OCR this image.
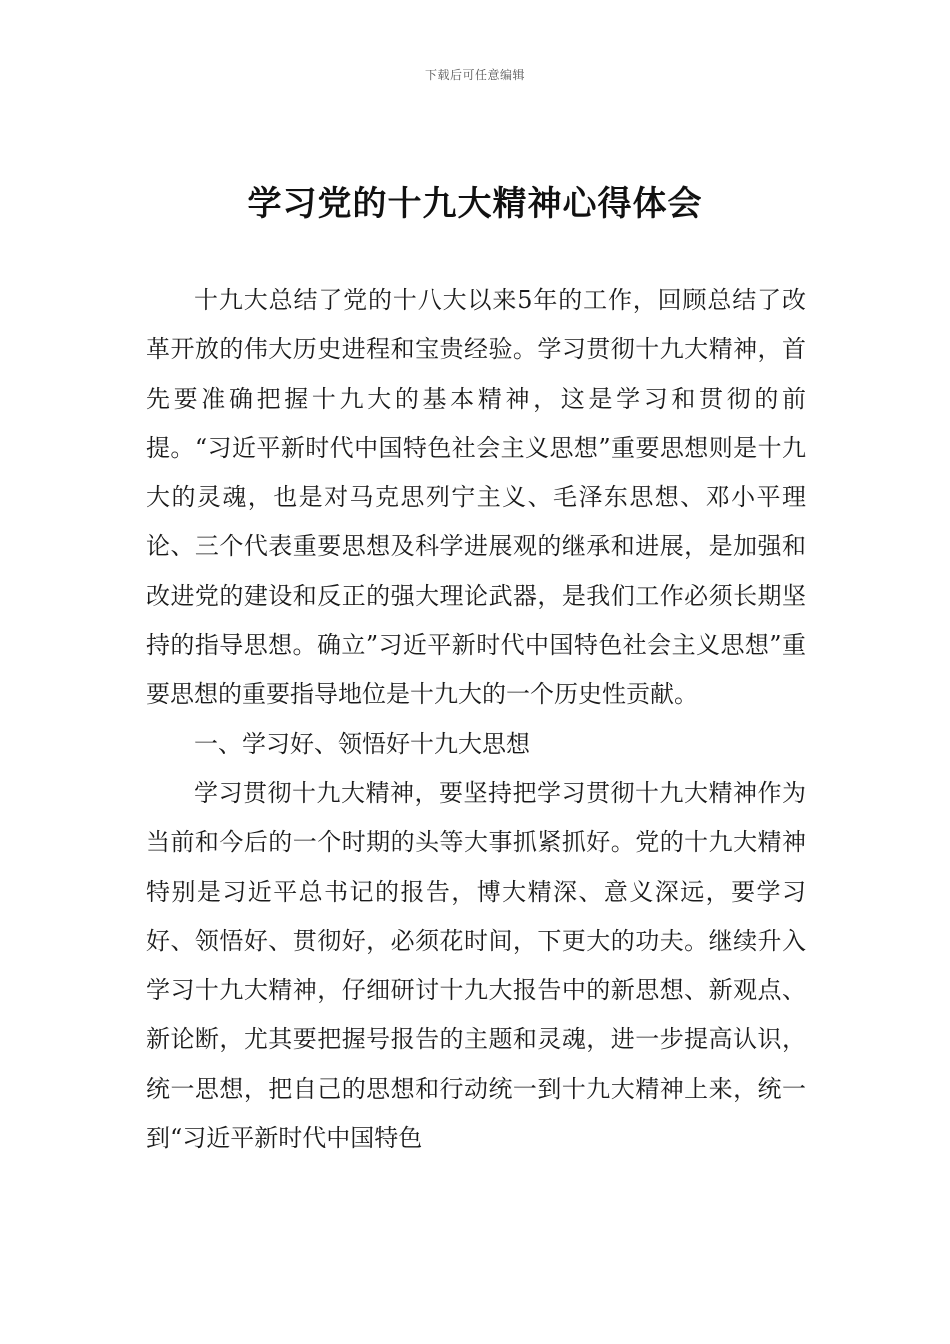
下载后可任意编辑
学习党的十九大精神心得体会

十九大总结了党的十八大以来5年的工作，回顾总结了改革开放的伟大历史进程和宝贵经验。学习贯彻十九大精神，首先要准确把握十九大的基本精神，这是学习和贯彻的前提。“习近平新时代中国特色社会主义思想”重要思想则是十九大的灵魂，也是对马克思列宁主义、毛泽东思想、邓小平理论、三个代表重要思想及科学进展观的继承和进展，是加强和改进党的建设和反正的强大理论武器，是我们工作必须长期坚持的指导思想。确立”习近平新时代中国特色社会主义思想”重要思想的重要指导地位是十九大的一个历史性贡献。

一、学习好、领悟好十九大思想

学习贯彻十九大精神，要坚持把学习贯彻十九大精神作为当前和今后的一个时期的头等大事抓紧抓好。党的十九大精神特别是习近平总书记的报告，博大精深、意义深远，要学习好、领悟好、贯彻好，必须花时间，下更大的功夫。继续升入学习十九大精神，仔细研讨十九大报告中的新思想、新观点、新论断，尤其要把握号报告的主题和灵魂，进一步提高认识，统一思想，把自己的思想和行动统一到十九大精神上来，统一到“习近平新时代中国特色
